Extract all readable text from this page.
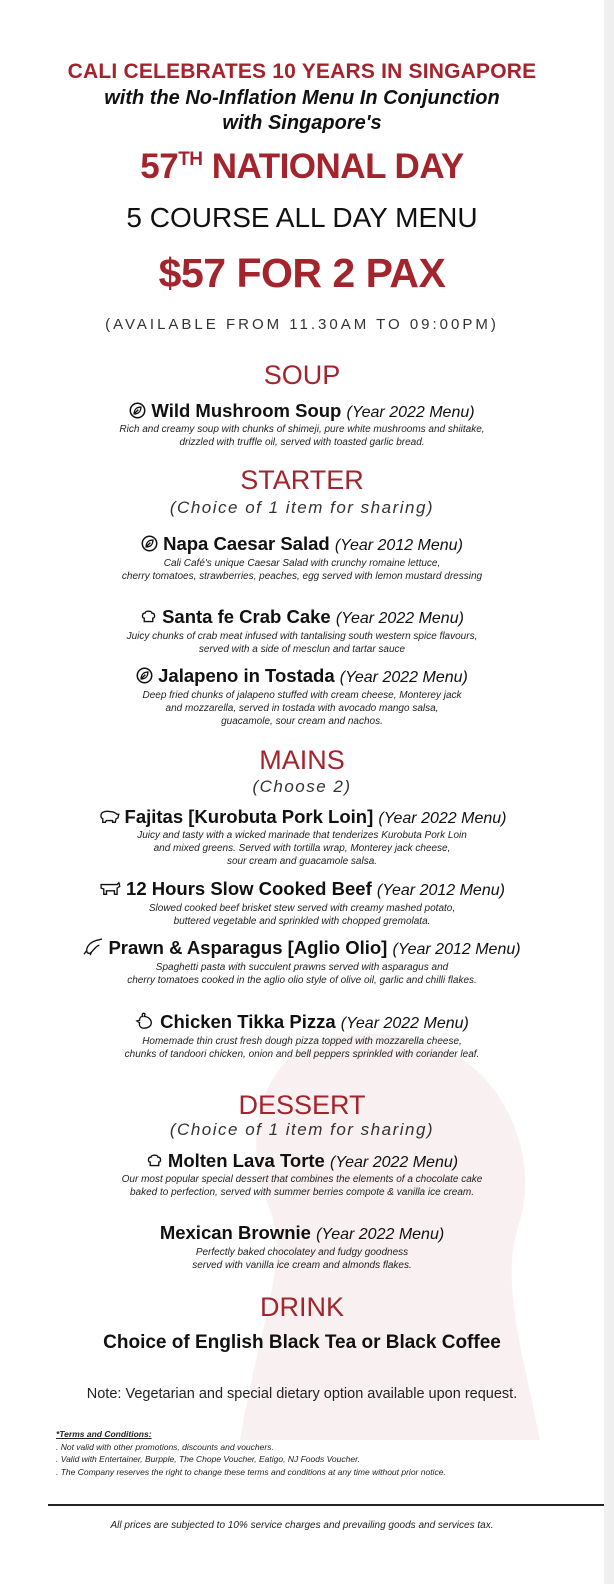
CALI CELEBRATES 10 YEARS IN SINGAPORE
with the No-Inflation Menu In Conjunction
with Singapore's
57TH NATIONAL DAY
5 COURSE ALL DAY MENU
$57 FOR 2 PAX
(AVAILABLE FROM 11.30AM TO 09:00PM)
SOUP
Wild Mushroom Soup (Year 2022 Menu)
Rich and creamy soup with chunks of shimeji, pure white mushrooms and shiitake,
drizzled with truffle oil, served with toasted garlic bread.
STARTER
(Choice of 1 item for sharing)
Napa Caesar Salad (Year 2012 Menu)
Cali Café's unique Caesar Salad with crunchy romaine lettuce,
cherry tomatoes, strawberries, peaches, egg served with lemon mustard dressing
Santa fe Crab Cake (Year 2022 Menu)
Juicy chunks of crab meat infused with tantalising south western spice flavours,
served with a side of mesclun and tartar sauce
Jalapeno in Tostada (Year 2022 Menu)
Deep fried chunks of jalapeno stuffed with cream cheese, Monterey jack
and mozzarella, served in tostada with avocado mango salsa,
guacamole, sour cream and nachos.
MAINS
(Choose 2)
Fajitas [Kurobuta Pork Loin] (Year 2022 Menu)
Juicy and tasty with a wicked marinade that tenderizes Kurobuta Pork Loin
and mixed greens. Served with tortilla wrap, Monterey jack cheese,
sour cream and guacamole salsa.
12 Hours Slow Cooked Beef (Year 2012 Menu)
Slowed cooked beef brisket stew served with creamy mashed potato,
buttered vegetable and sprinkled with chopped gremolata.
Prawn & Asparagus [Aglio Olio] (Year 2012 Menu)
Spaghetti pasta with succulent prawns served with asparagus and
cherry tomatoes cooked in the aglio olio style of olive oil, garlic and chilli flakes.
Chicken Tikka Pizza (Year 2022 Menu)
Homemade thin crust fresh dough pizza topped with mozzarella cheese,
chunks of tandoori chicken, onion and bell peppers sprinkled with coriander leaf.
DESSERT
(Choice of 1 item for sharing)
Molten Lava Torte (Year 2022 Menu)
Our most popular special dessert that combines the elements of a chocolate cake
baked to perfection, served with summer berries compote & vanilla ice cream.
Mexican Brownie (Year 2022 Menu)
Perfectly baked chocolatey and fudgy goodness
served with vanilla ice cream and almonds flakes.
DRINK
Choice of English Black Tea or Black Coffee
Note: Vegetarian and special dietary option available upon request.
*Terms and Conditions:
. Not valid with other promotions, discounts and vouchers.
. Valid with Entertainer, Burpple, The Chope Voucher, Eatigo, NJ Foods Voucher.
. The Company reserves the right to change these terms and conditions at any time without prior notice.
All prices are subjected to 10% service charges and prevailing goods and services tax.
